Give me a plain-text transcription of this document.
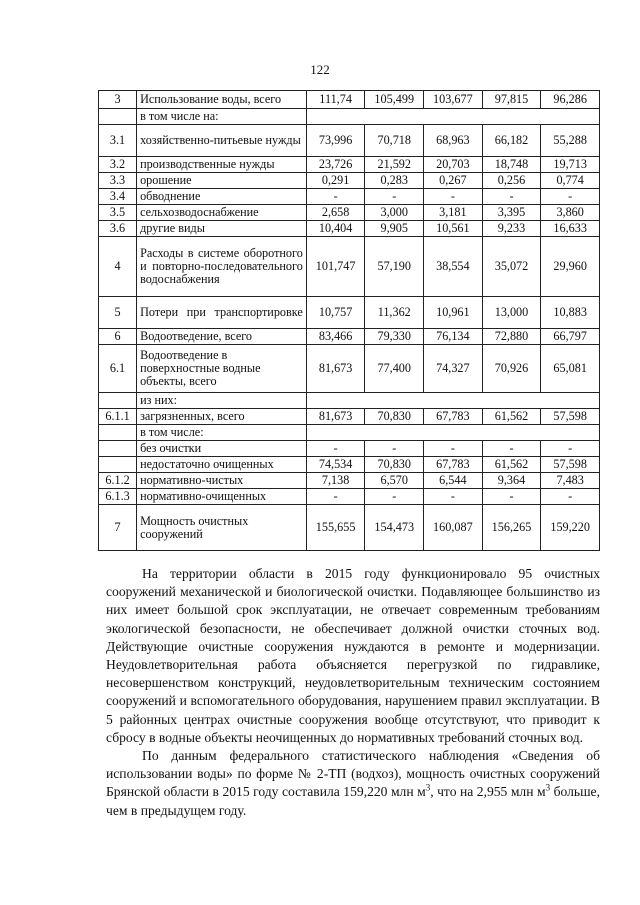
122
3	Использование воды, всего	111,74	105,499	103,677	97,815	96,286
	в том числе на:					
3.1	хозяйственно-питьевые нужды	73,996	70,718	68,963	66,182	55,288
3.2	производственные нужды	23,726	21,592	20,703	18,748	19,713
3.3	орошение	0,291	0,283	0,267	0,256	0,774
3.4	обводнение	-	-	-	-	-
3.5	сельхозводоснабжение	2,658	3,000	3,181	3,395	3,860
3.6	другие виды	10,404	9,905	10,561	9,233	16,633
4	Расходы в системе оборотного и повторно-последовательного водоснабжения	101,747	57,190	38,554	35,072	29,960
5	Потери при транспортировке	10,757	11,362	10,961	13,000	10,883
6	Водоотведение, всего	83,466	79,330	76,134	72,880	66,797
6.1	Водоотведение в поверхностные водные объекты, всего	81,673	77,400	74,327	70,926	65,081
	из них:					
6.1.1	загрязненных, всего	81,673	70,830	67,783	61,562	57,598
	в том числе:					
	без очистки	-	-	-	-	-
	недостаточно очищенных	74,534	70,830	67,783	61,562	57,598
6.1.2	нормативно-чистых	7,138	6,570	6,544	9,364	7,483
6.1.3	нормативно-очищенных	-	-	-	-	-
7	Мощность очистных сооружений	155,655	154,473	160,087	156,265	159,220

На территории области в 2015 году функционировало 95 очистных сооружений механической и биологической очистки. Подавляющее большинство из них имеет большой срок эксплуатации, не отвечает современным требованиям экологической безопасности, не обеспечивает должной очистки сточных вод. Действующие очистные сооружения нуждаются в ремонте и модернизации. Неудовлетворительная работа объясняется перегрузкой по гидравлике, несовершенством конструкций, неудовлетворительным техническим состоянием сооружений и вспомогательного оборудования, нарушением правил эксплуатации. В 5 районных центрах очистные сооружения вообще отсутствуют, что приводит к сбросу в водные объекты неочищенных до нормативных требований сточных вод.

По данным федерального статистического наблюдения «Сведения об использовании воды» по форме № 2-ТП (водхоз), мощность очистных сооружений Брянской области в 2015 году составила 159,220 млн $м^3$, что на 2,955 млн $м^3$ больше, чем в предыдущем году.
